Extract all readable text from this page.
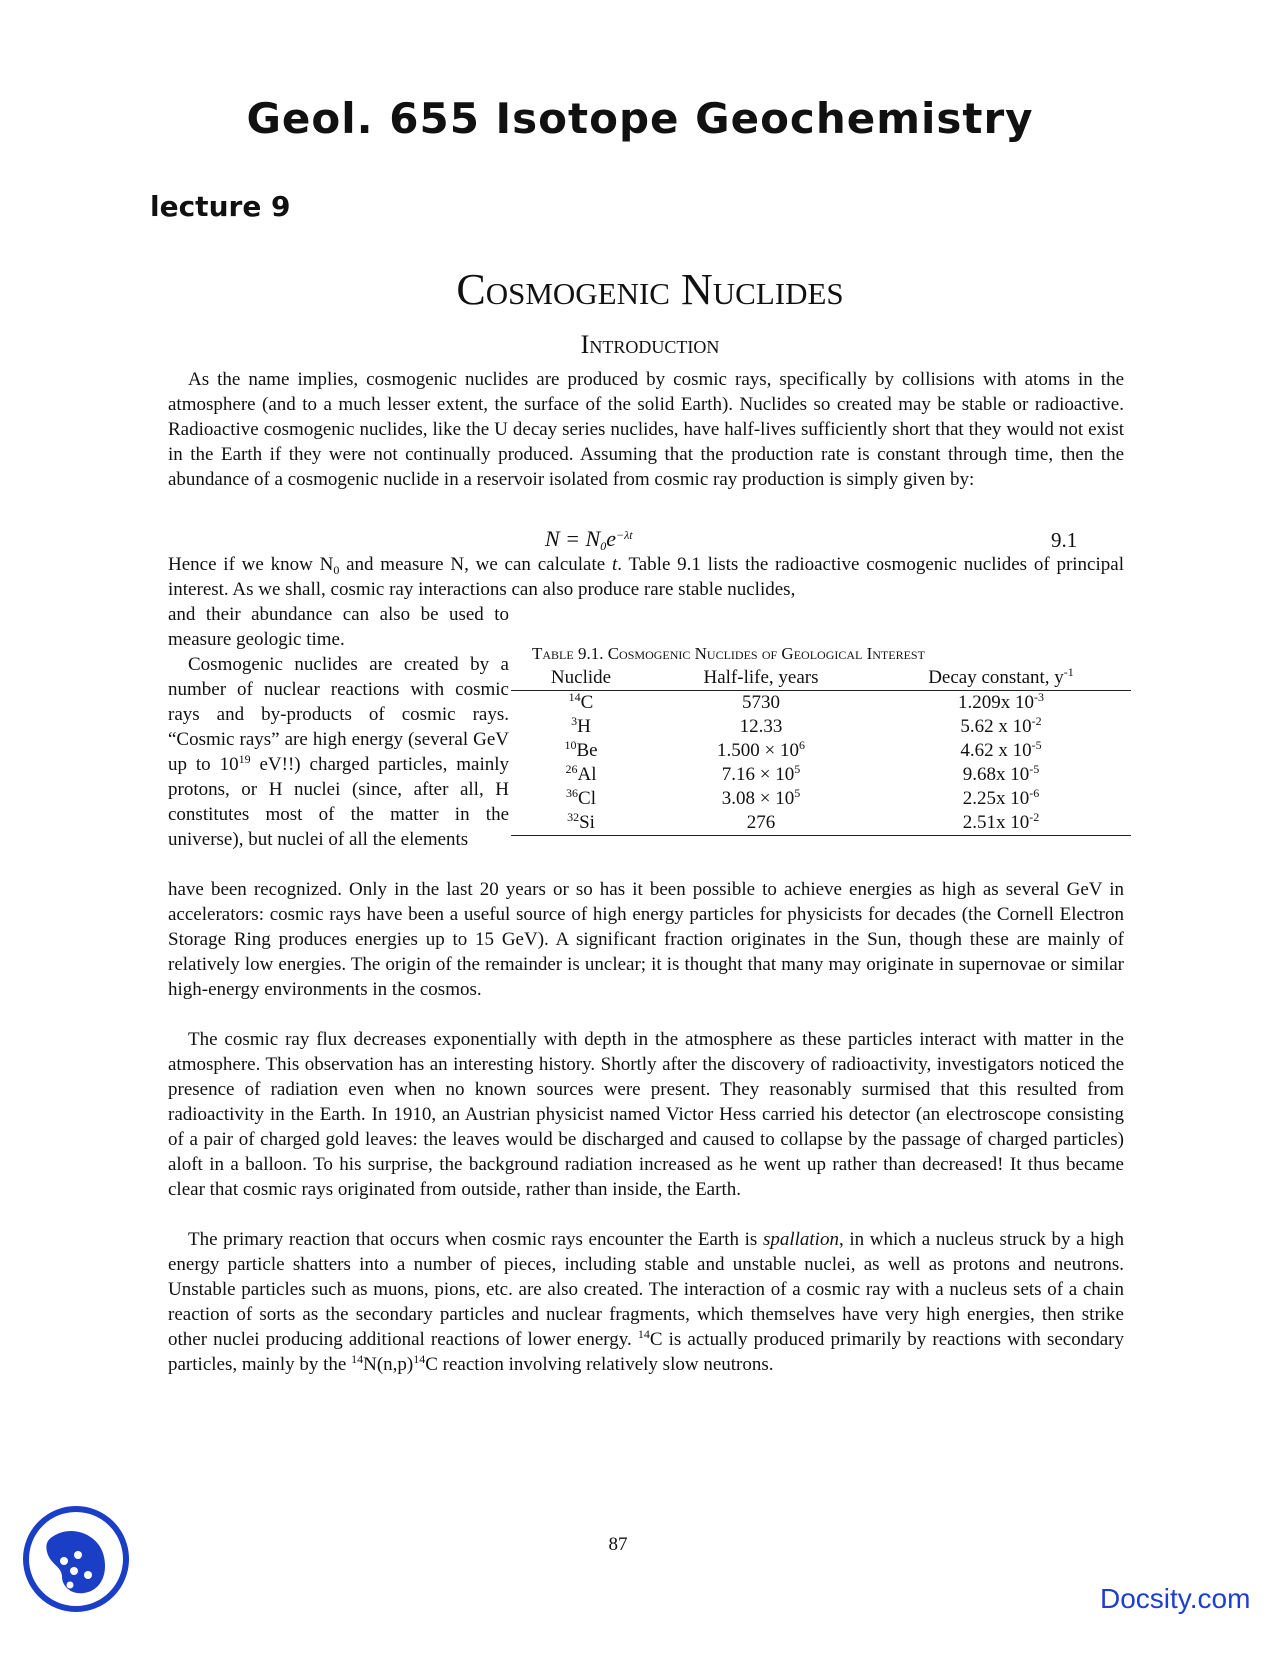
Geol. 655 Isotope Geochemistry
lecture 9
Cosmogenic Nuclides
Introduction

As the name implies, cosmogenic nuclides are produced by cosmic rays, specifically by collisions with atoms in the atmosphere (and to a much lesser extent, the surface of the solid Earth). Nuclides so created may be stable or radioactive. Radioactive cosmogenic nuclides, like the U decay series nuclides, have half-lives sufficiently short that they would not exist in the Earth if they were not continually produced. Assuming that the production rate is constant through time, then the abundance of a cosmogenic nuclide in a reservoir isolated from cosmic ray production is simply given by:

$N = N_0e^{-\lambda t}$	9.1

Hence if we know $N_0$ and measure N, we can calculate t. Table 9.1 lists the radioactive cosmogenic nuclides of principal interest. As we shall, cosmic ray interactions can also produce rare stable nuclides,

and their abundance can also be used to measure geologic time.

Cosmogenic nuclides are created by a number of nuclear reactions with cosmic rays and by-products of cosmic rays. “Cosmic rays” are high energy (several GeV up to $10^{19}$ eV!!) charged particles, mainly protons, or H nuclei (since, after all, H constitutes most of the matter in the universe), but nuclei of all the elements

have been recognized. Only in the last 20 years or so has it been possible to achieve energies as high as several GeV in accelerators: cosmic rays have been a useful source of high energy particles for physicists for decades (the Cornell Electron Storage Ring produces energies up to 15 GeV). A significant fraction originates in the Sun, though these are mainly of relatively low energies. The origin of the remainder is unclear; it is thought that many may originate in supernovae or similar high-energy environments in the cosmos.

Table 9.1. Cosmogenic Nuclides of Geological Interest
Nuclide	Half-life, years	Decay constant, $y^{-1}$
$^{14}$C	5730	1.209x $10^{-3}$
$^3$H	12.33	5.62 x $10^{-2}$
$^{10}$Be	$1.500 \times 10^6$	4.62 x $10^{-5}$
$^{26}$Al	$7.16 \times 10^5$	9.68x $10^{-5}$
$^{36}$Cl	$3.08 \times 10^5$	2.25x $10^{-6}$
$^{32}$Si	276	2.51x $10^{-2}$

The cosmic ray flux decreases exponentially with depth in the atmosphere as these particles interact with matter in the atmosphere. This observation has an interesting history. Shortly after the discovery of radioactivity, investigators noticed the presence of radiation even when no known sources were present. They reasonably surmised that this resulted from radioactivity in the Earth. In 1910, an Austrian physicist named Victor Hess carried his detector (an electroscope consisting of a pair of charged gold leaves: the leaves would be discharged and caused to collapse by the passage of charged particles) aloft in a balloon. To his surprise, the background radiation increased as he went up rather than decreased! It thus became clear that cosmic rays originated from outside, rather than inside, the Earth.

The primary reaction that occurs when cosmic rays encounter the Earth is spallation, in which a nucleus struck by a high energy particle shatters into a number of pieces, including stable and unstable nuclei, as well as protons and neutrons. Unstable particles such as muons, pions, etc. are also created. The interaction of a cosmic ray with a nucleus sets of a chain reaction of sorts as the secondary particles and nuclear fragments, which themselves have very high energies, then strike other nuclei producing additional reactions of lower energy. $^{14}$C is actually produced primarily by reactions with secondary particles, mainly by the $^{14}N(n,p)^{14}C$ reaction involving relatively slow neutrons.

87
Docsity.com
